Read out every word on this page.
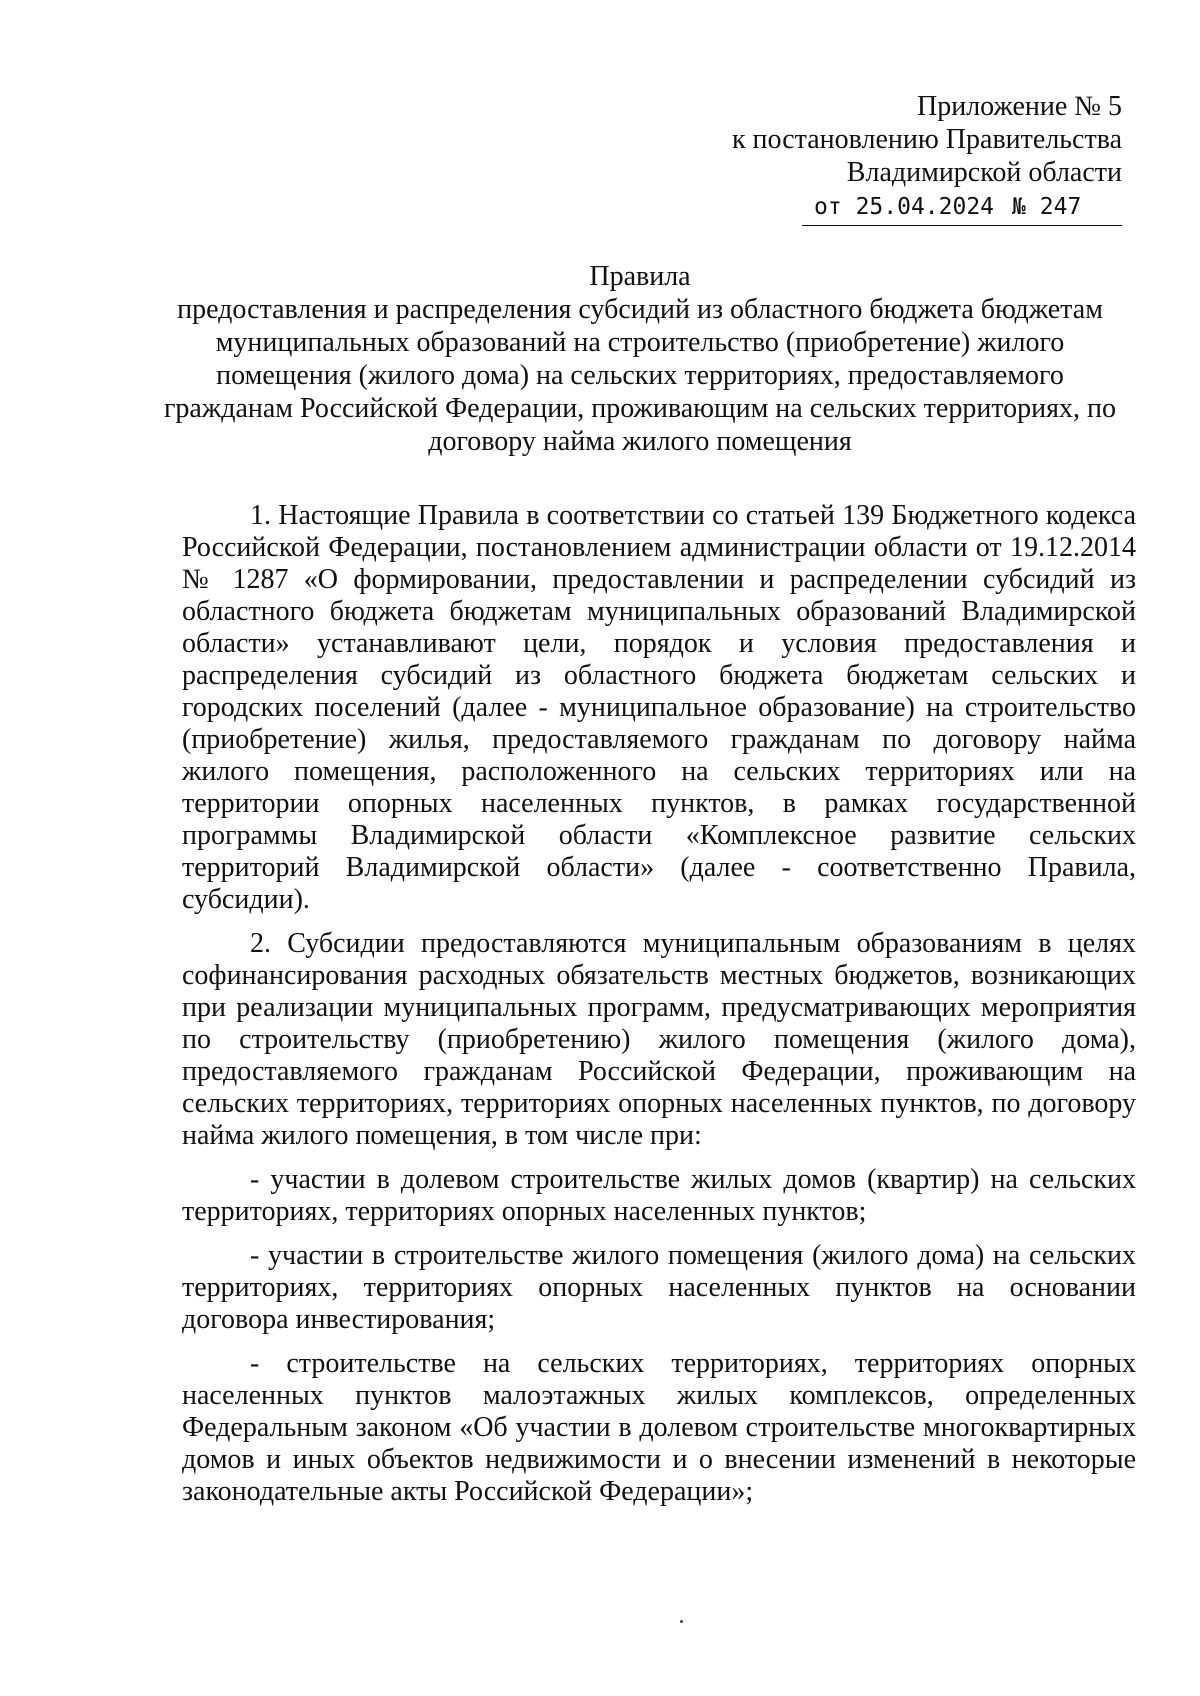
Приложение № 5
к постановлению Правительства
Владимирской области
от 25.04.2024 № 247
Правила
предоставления и распределения субсидий из областного бюджета бюджетам
муниципальных образований на строительство (приобретение) жилого
помещения (жилого дома) на сельских территориях, предоставляемого
гражданам Российской Федерации, проживающим на сельских территориях, по
договору найма жилого помещения

1. Настоящие Правила в соответствии со статьей 139 Бюджетного кодекса Российской Федерации, постановлением администрации области от 19.12.2014 № 1287 «О формировании, предоставлении и распределении субсидий из областного бюджета бюджетам муниципальных образований Владимирской области» устанавливают цели, порядок и условия предоставления и распределения субсидий из областного бюджета бюджетам сельских и городских поселений (далее - муниципальное образование) на строительство (приобретение) жилья, предоставляемого гражданам по договору найма жилого помещения, расположенного на сельских территориях или на территории опорных населенных пунктов, в рамках государственной программы Владимирской области «Комплексное развитие сельских территорий Владимирской области» (далее - соответственно Правила, субсидии).

2. Субсидии предоставляются муниципальным образованиям в целях софинансирования расходных обязательств местных бюджетов, возникающих при реализации муниципальных программ, предусматривающих мероприятия по строительству (приобретению) жилого помещения (жилого дома), предоставляемого гражданам Российской Федерации, проживающим на сельских территориях, территориях опорных населенных пунктов, по договору найма жилого помещения, в том числе при:

- участии в долевом строительстве жилых домов (квартир) на сельских территориях, территориях опорных населенных пунктов;

- участии в строительстве жилого помещения (жилого дома) на сельских территориях, территориях опорных населенных пунктов на основании договора инвестирования;

- строительстве на сельских территориях, территориях опорных населенных пунктов малоэтажных жилых комплексов, определенных Федеральным законом «Об участии в долевом строительстве многоквартирных домов и иных объектов недвижимости и о внесении изменений в некоторые законодательные акты Российской Федерации»;
